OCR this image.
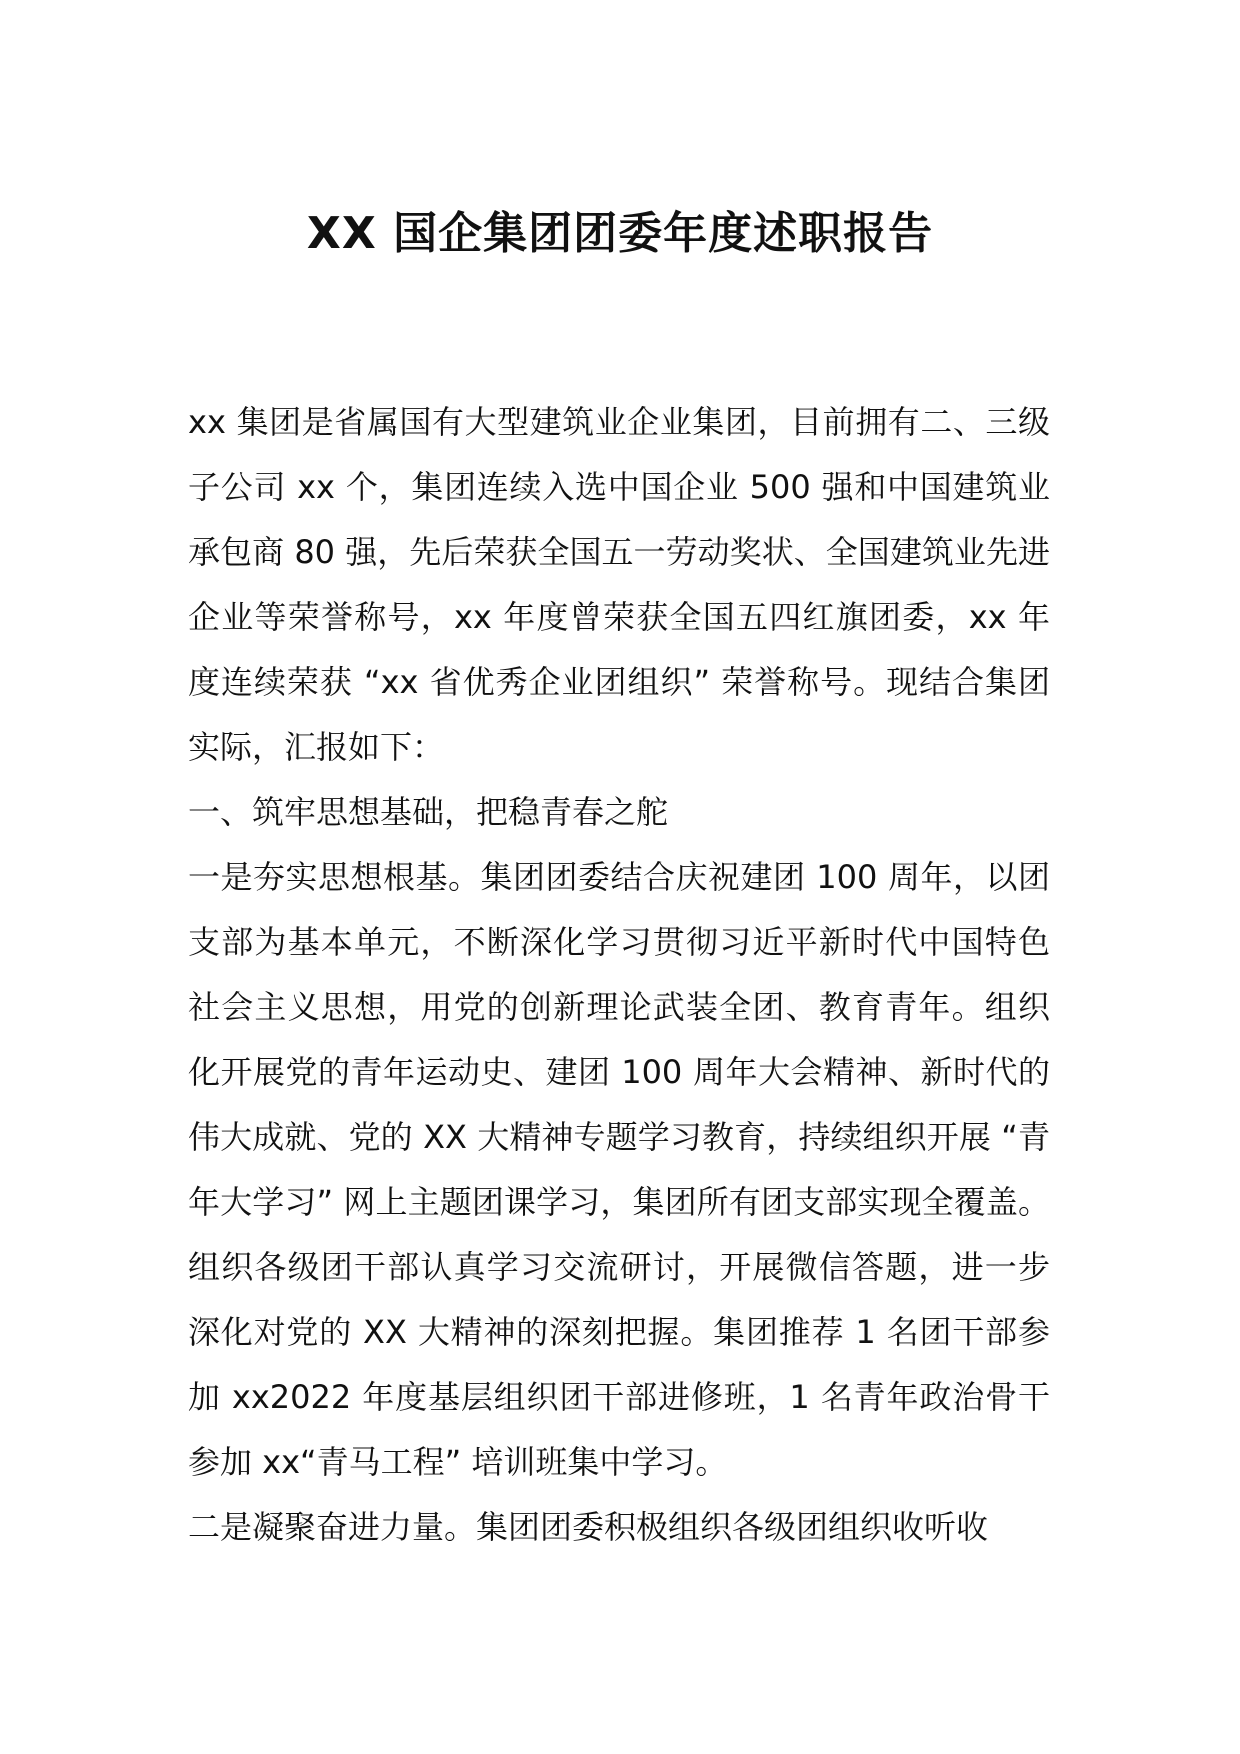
XX 国企集团团委年度述职报告

xx 集团是省属国有大型建筑业企业集团，目前拥有二、三级子公司 xx 个，集团连续入选中国企业 500 强和中国建筑业承包商 80 强，先后荣获全国五一劳动奖状、全国建筑业先进企业等荣誉称号，xx 年度曾荣获全国五四红旗团委，xx 年度连续荣获 “xx 省优秀企业团组织” 荣誉称号。现结合集团实际，汇报如下：

一、筑牢思想基础，把稳青春之舵

一是夯实思想根基。集团团委结合庆祝建团 100 周年，以团支部为基本单元，不断深化学习贯彻习近平新时代中国特色社会主义思想，用党的创新理论武装全团、教育青年。组织化开展党的青年运动史、建团 100 周年大会精神、新时代的伟大成就、党的 XX 大精神专题学习教育，持续组织开展 “青年大学习” 网上主题团课学习，集团所有团支部实现全覆盖。组织各级团干部认真学习交流研讨，开展微信答题，进一步深化对党的 XX 大精神的深刻把握。集团推荐 1 名团干部参加 xx2022 年度基层组织团干部进修班，1 名青年政治骨干参加 xx“青马工程” 培训班集中学习。

二是凝聚奋进力量。集团团委积极组织各级团组织收听收
